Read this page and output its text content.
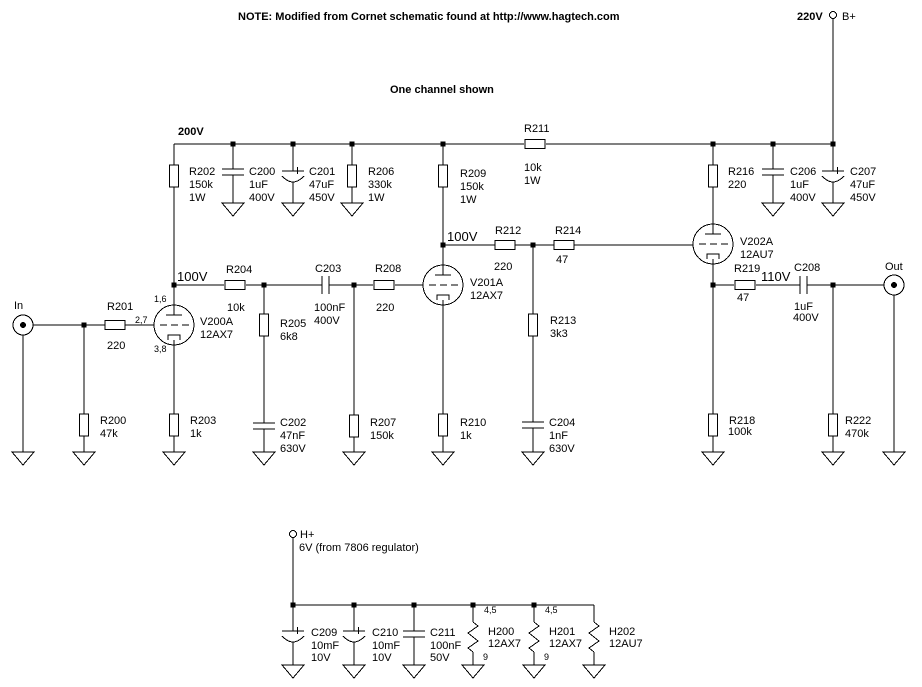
NOTE: Modified from Cornet schematic found at http://www.hagtech.com
One channel shown
220V B+
200V
R202
150k
1W
C200
1uF
400V
C201
47uF
450V
R206
330k
1W
R209
150k
1W
R211
10k
1W
R216
220
C206
1uF
400V
C207
47uF
450V
In	R201
220
R200
47k
V200A
12AX7
R203
1k
100V R204
10k
R205
6k8
C202
47nF
630V
C203
100nF
400V
R208
220
R207
150k
100V
V201A
12AX7
R210
1k
R212
220
R214
47
R213
3k3
C204
1nF
630V
V202A
12AU7
R219
47
110V
C208
1uF
400V
R218
100k
R222
470k
Out
H+
6V (from 7806 regulator)
C209
10mF
10V
C210
10mF
10V
C211
100nF
50V
H200
12AX7
H201
12AX7
H202
12AU7
1,6
2,7
3,8
4,5
9
4,5
9
